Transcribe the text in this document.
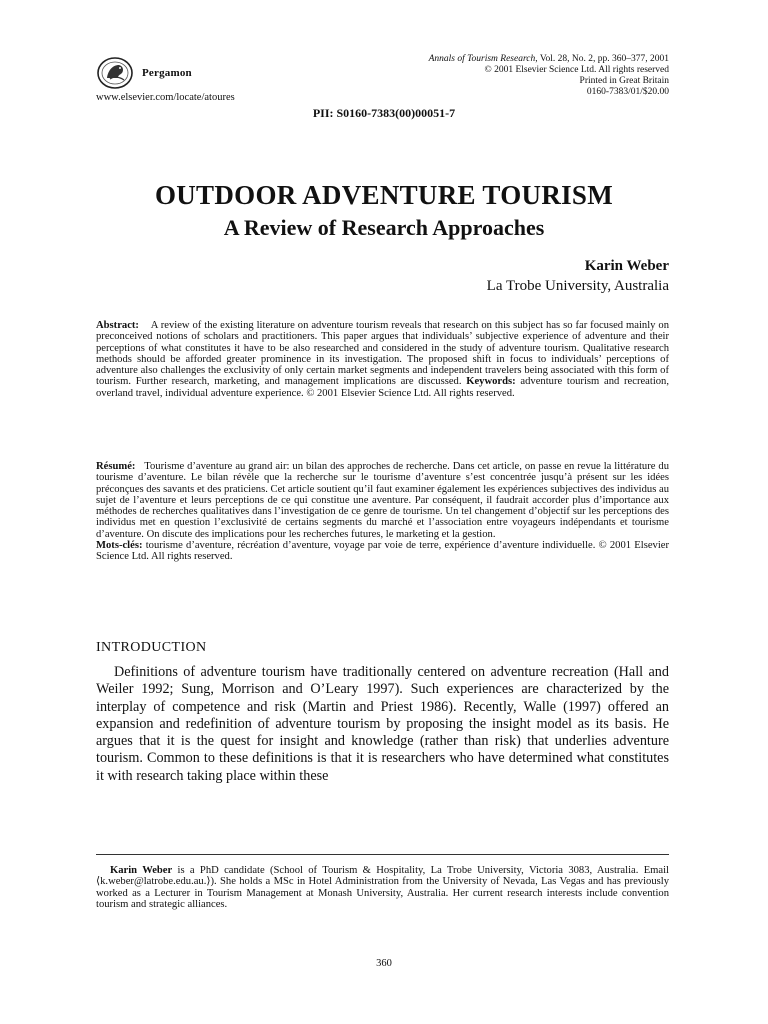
Pergamon
www.elsevier.com/locate/atoures
Annals of Tourism Research, Vol. 28, No. 2, pp. 360–377, 2001
© 2001 Elsevier Science Ltd. All rights reserved
Printed in Great Britain
0160-7383/01/$20.00
PII: S0160-7383(00)00051-7
OUTDOOR ADVENTURE TOURISM
A Review of Research Approaches
Karin Weber
La Trobe University, Australia

Abstract: A review of the existing literature on adventure tourism reveals that research on this subject has so far focused mainly on preconceived notions of scholars and practitioners. This paper argues that individuals’ subjective experience of adventure and their perceptions of what constitutes it have to be also researched and considered in the study of adventure tourism. Qualitative research methods should be afforded greater prominence in its investigation. The proposed shift in focus to individuals’ perceptions of adventure also challenges the exclusivity of only certain market segments and independent travelers being associated with this form of tourism. Further research, marketing, and management implications are discussed. Keywords: adventure tourism and recreation, overland travel, individual adventure experience. © 2001 Elsevier Science Ltd. All rights reserved.

Résumé: Tourisme d’aventure au grand air: un bilan des approches de recherche. Dans cet article, on passe en revue la littérature du tourisme d’aventure. Le bilan révèle que la recherche sur le tourisme d’aventure s’est concentrée jusqu’à présent sur les idées préconçues des savants et des praticiens. Cet article soutient qu’il faut examiner également les expériences subjectives des individus au sujet de l’aventure et leurs perceptions de ce qui constitue une aventure. Par conséquent, il faudrait accorder plus d’importance aux méthodes de recherches qualitatives dans l’investigation de ce genre de tourisme. Un tel changement d’objectif sur les perceptions des individus met en question l’exclusivité de certains segments du marché et l’association entre voyageurs indépendants et tourisme d’aventure. On discute des implications pour les recherches futures, le marketing et la gestion.
Mots-clés: tourisme d’aventure, récréation d’aventure, voyage par voie de terre, expérience d’aventure individuelle. © 2001 Elsevier Science Ltd. All rights reserved.

INTRODUCTION

Definitions of adventure tourism have traditionally centered on adventure recreation (Hall and Weiler 1992; Sung, Morrison and O’Leary 1997). Such experiences are characterized by the interplay of competence and risk (Martin and Priest 1986). Recently, Walle (1997) offered an expansion and redefinition of adventure tourism by proposing the insight model as its basis. He argues that it is the quest for insight and knowledge (rather than risk) that underlies adventure tourism. Common to these definitions is that it is researchers who have determined what constitutes it with research taking place within these

Karin Weber is a PhD candidate (School of Tourism & Hospitality, La Trobe University, Victoria 3083, Australia. Email ⟨k.weber@latrobe.edu.au.⟩). She holds a MSc in Hotel Administration from the University of Nevada, Las Vegas and has previously worked as a Lecturer in Tourism Management at Monash University, Australia. Her current research interests include convention tourism and strategic alliances.

360
